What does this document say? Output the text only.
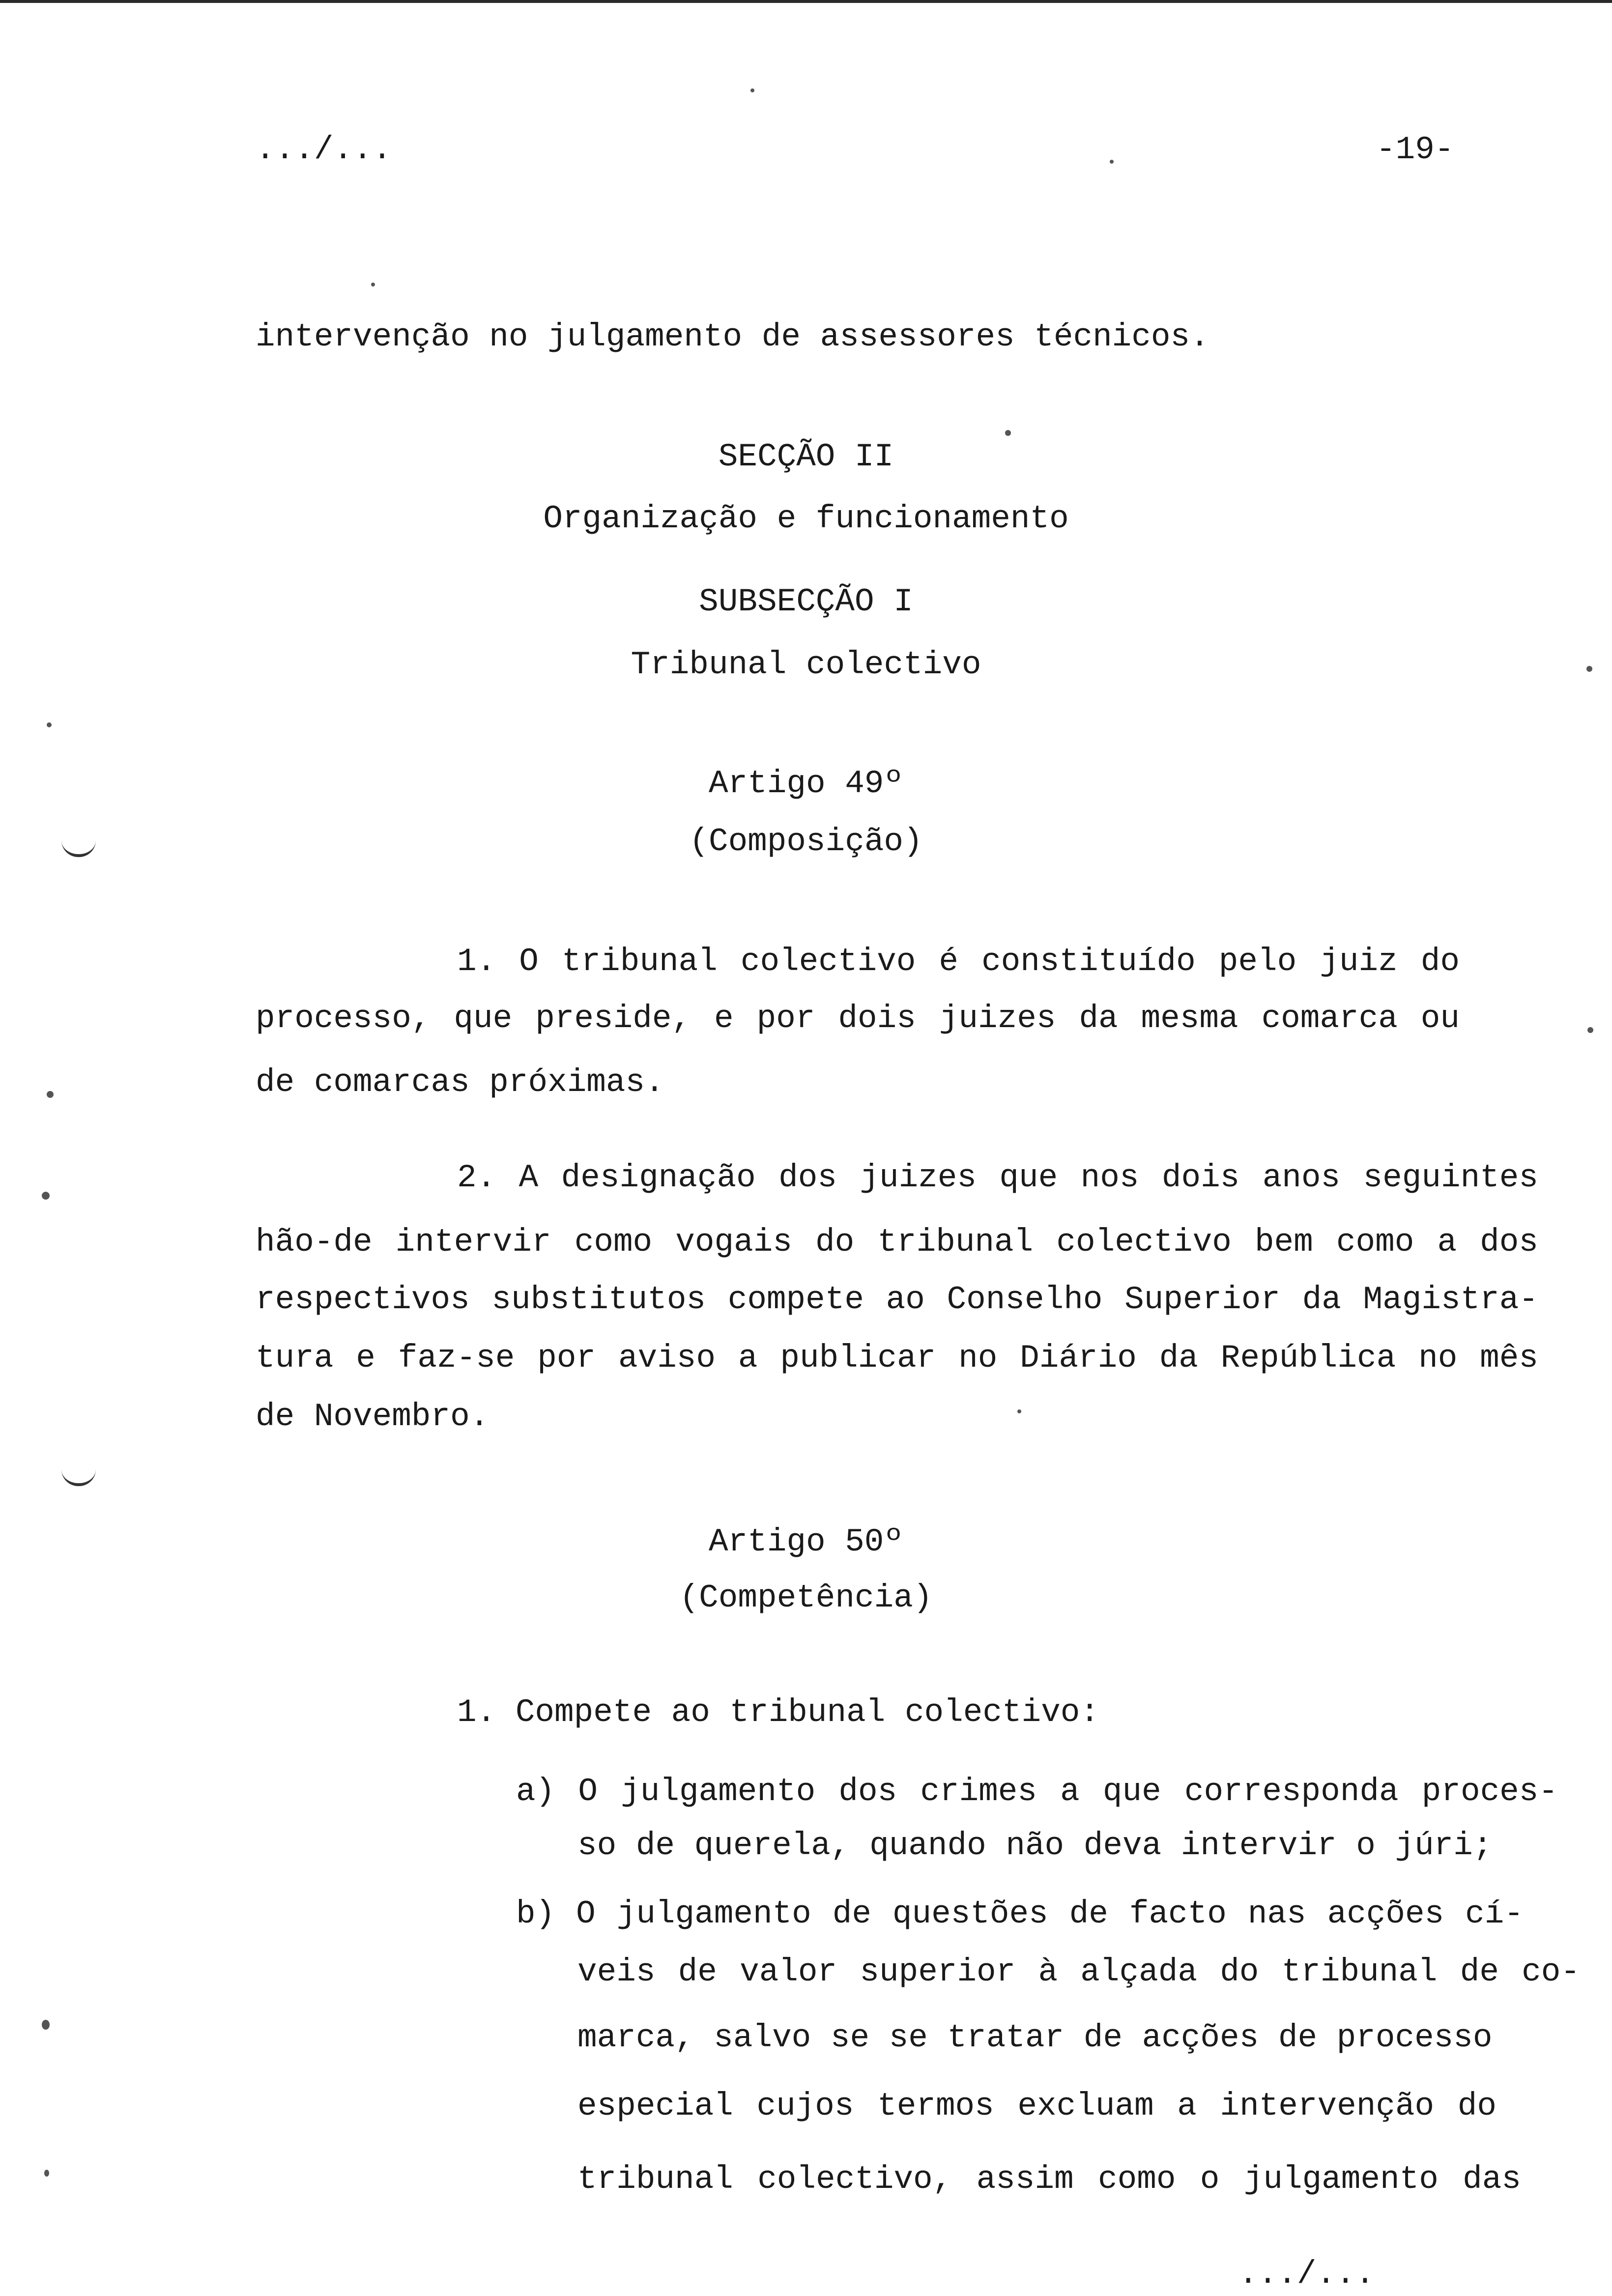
.../...	-19-
intervenção no julgamento de assessores técnicos.
SECÇÃO II
Organização e funcionamento
SUBSECÇÃO I
Tribunal colectivo
Artigo 49º
(Composição)
1. O tribunal colectivo é constituído pelo juiz do
processo, que preside, e por dois juizes da mesma comarca ou
de comarcas próximas.
2. A designação dos juizes que nos dois anos seguintes
hão-de intervir como vogais do tribunal colectivo bem como a dos
respectivos substitutos compete ao Conselho Superior da Magistra-
tura e faz-se por aviso a publicar no Diário da República no mês
de Novembro.
Artigo 50º
(Competência)
1. Compete ao tribunal colectivo:
a) O julgamento dos crimes a que corresponda proces-
so de querela, quando não deva intervir o júri;
b) O julgamento de questões de facto nas acções cí-
veis de valor superior à alçada do tribunal de co-
marca, salvo se se tratar de acções de processo
especial cujos termos excluam a intervenção do
tribunal colectivo, assim como o julgamento das
.../...
